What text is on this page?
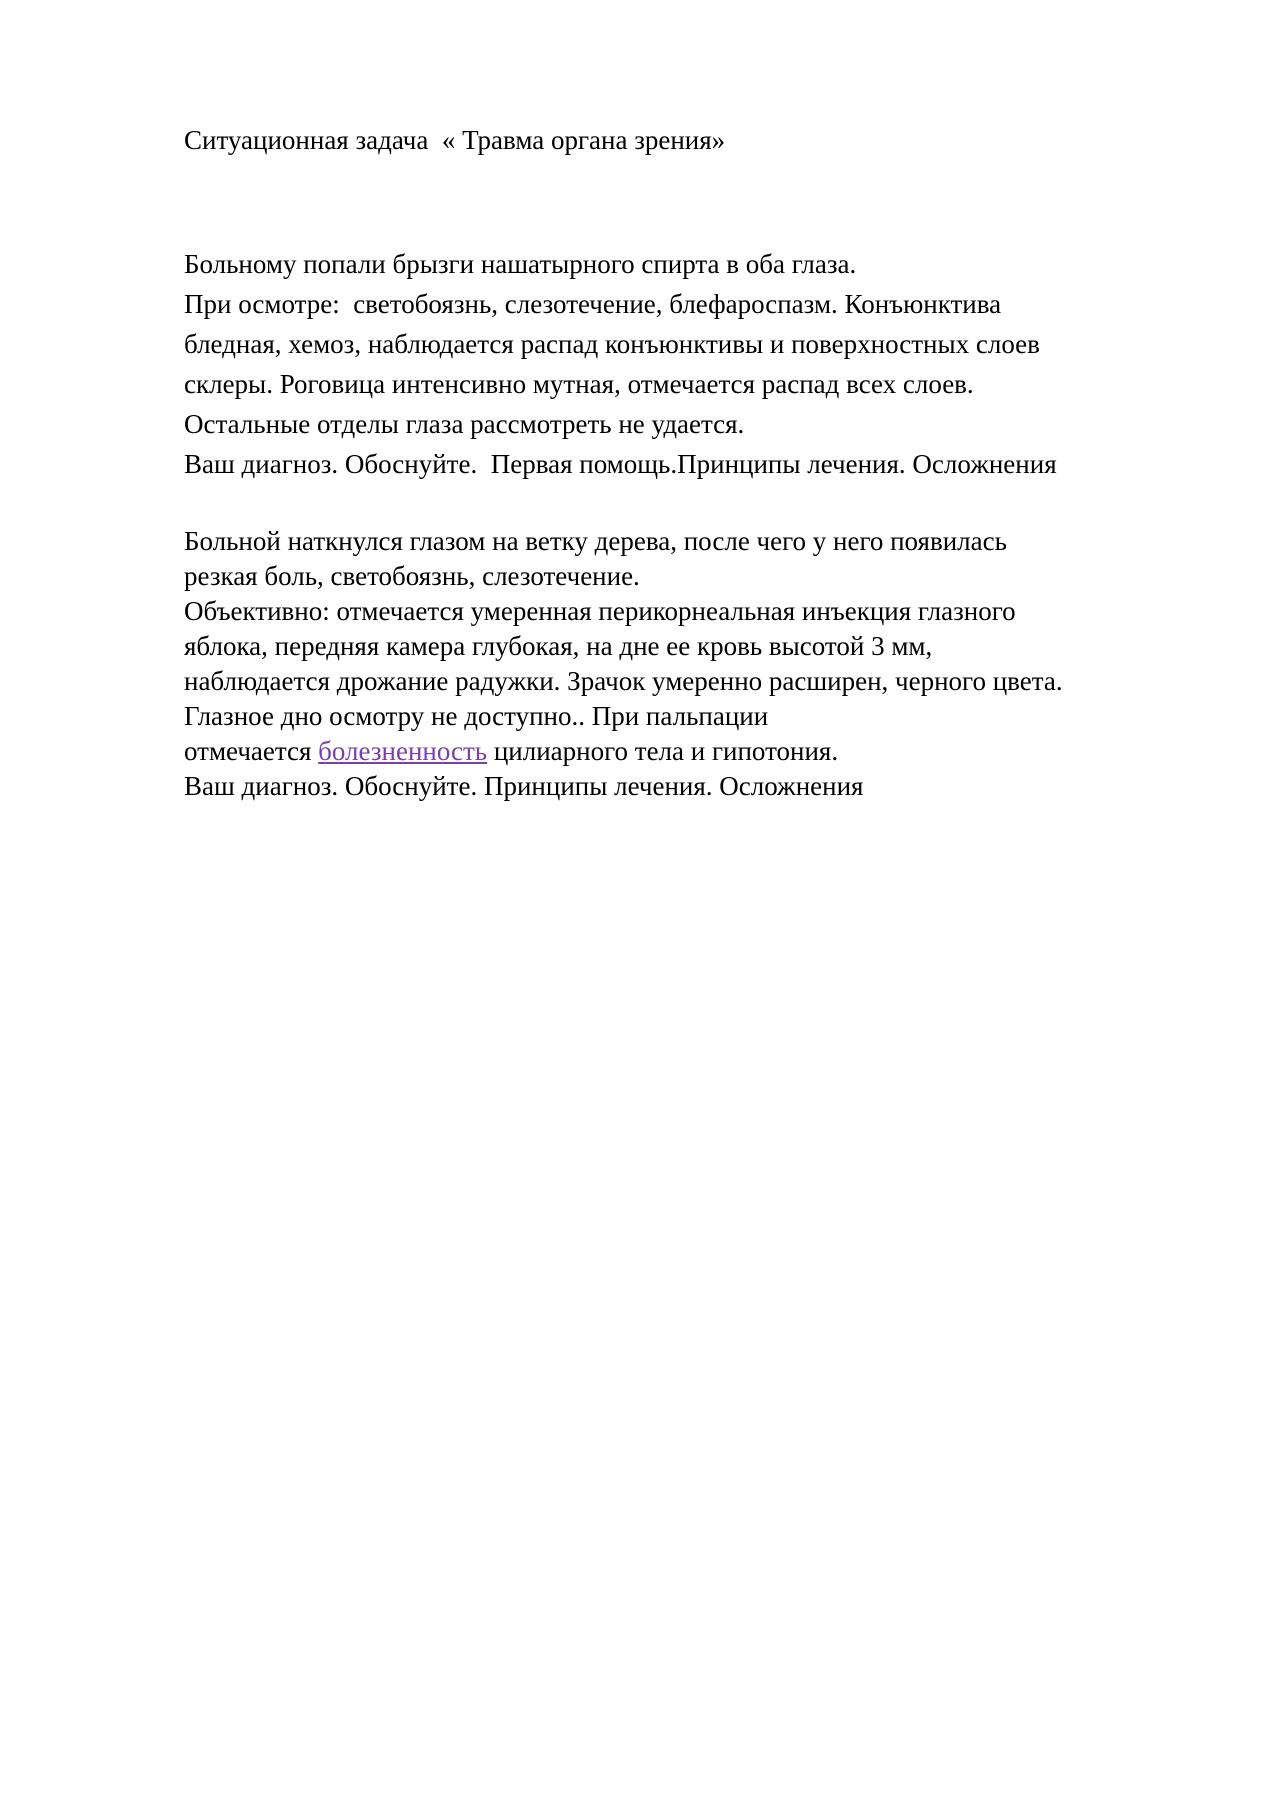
Ситуационная задача  « Травма органа зрения»
Больному попали брызги нашатырного спирта в оба глаза.
При осмотре:  светобоязнь, слезотечение, блефароспазм. Конъюнктива
бледная, хемоз, наблюдается распад конъюнктивы и поверхностных слоев
склеры. Роговица интенсивно мутная, отмечается распад всех слоев.
Остальные отделы глаза рассмотреть не удается.
Ваш диагноз. Обоснуйте.  Первая помощь.Принципы лечения. Осложнения
Больной наткнулся глазом на ветку дерева, после чего у него появилась
резкая боль, светобоязнь, слезотечение.
Объективно: отмечается умеренная перикорнеальная инъекция глазного
яблока, передняя камера глубокая, на дне ее кровь высотой 3 мм,
наблюдается дрожание радужки. Зрачок умеренно расширен, черного цвета.
Глазное дно осмотру не доступно.. При пальпации
отмечается болезненность цилиарного тела и гипотония.
Ваш диагноз. Обоснуйте. Принципы лечения. Осложнения
